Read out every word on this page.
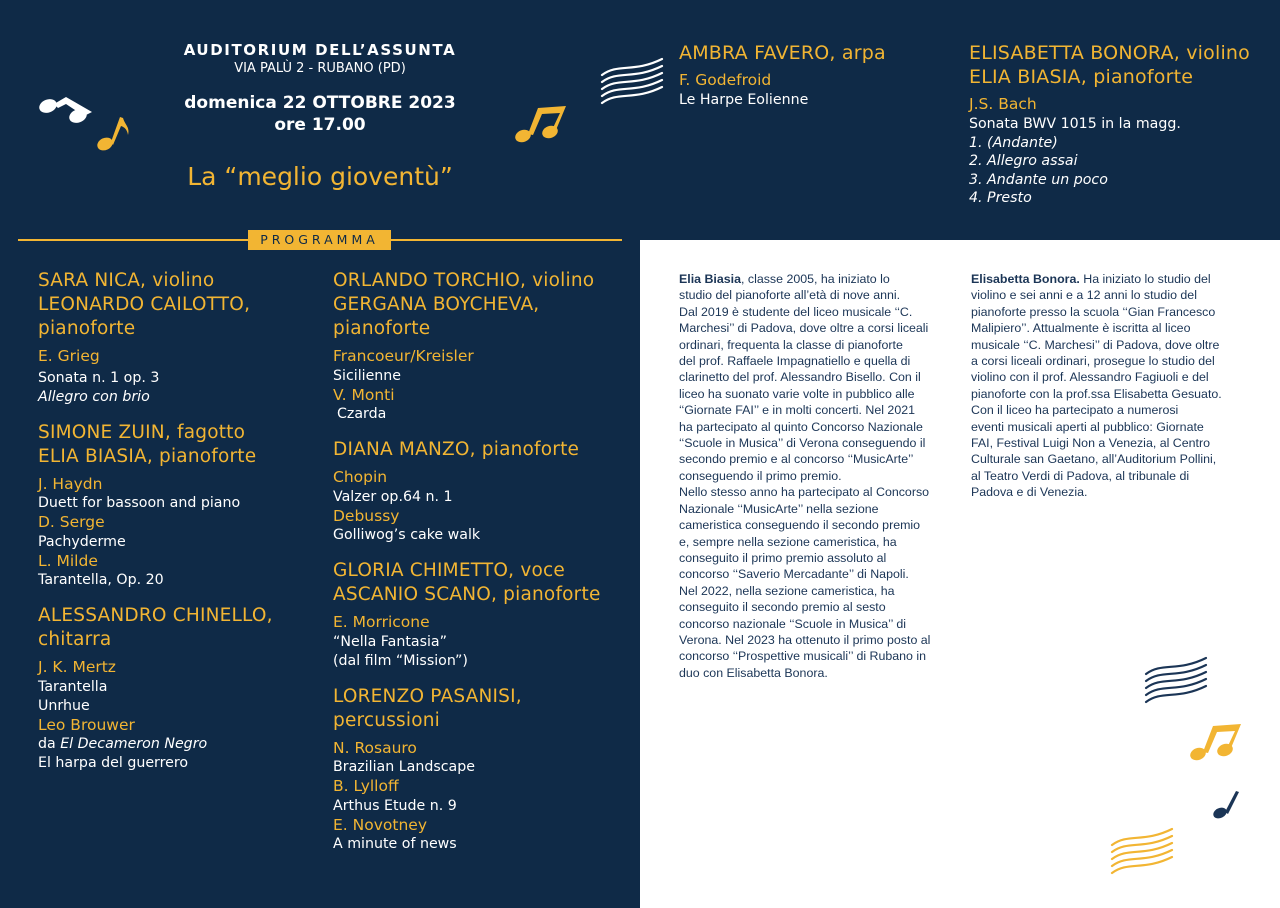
AUDITORIUM DELL’ASSUNTA
VIA PALÙ 2 - RUBANO (PD)
domenica 22 OTTOBRE 2023
ore 17.00
La “meglio gioventù”
AMBRA FAVERO, arpa
F. Godefroid
Le Harpe Eolienne
ELISABETTA BONORA, violino
ELIA BIASIA, pianoforte
J.S. Bach
Sonata BWV 1015 in la magg.
1. (Andante)
2. Allegro assai
3. Andante un poco
4. Presto
PROGRAMMA
SARA NICA, violino
LEONARDO CAILOTTO,
pianoforte
E. Grieg
Sonata n. 1 op. 3
Allegro con brio
SIMONE ZUIN, fagotto
ELIA BIASIA, pianoforte
J. Haydn
Duett for bassoon and piano
D. Serge
Pachyderme
L. Milde
Tarantella, Op. 20
ALESSANDRO CHINELLO,
chitarra
J. K. Mertz
Tarantella
Unrhue
Leo Brouwer
da El Decameron Negro
El harpa del guerrero
ORLANDO TORCHIO, violino
GERGANA BOYCHEVA,
pianoforte
Francoeur/Kreisler
Sicilienne
V. Monti
Czarda
DIANA MANZO, pianoforte
Chopin
Valzer op.64 n. 1
Debussy
Golliwog’s cake walk
GLORIA CHIMETTO, voce
ASCANIO SCANO, pianoforte
E. Morricone
“Nella Fantasia”
(dal film “Mission”)
LORENZO PASANISI,
percussioni
N. Rosauro
Brazilian Landscape
B. Lylloff
Arthus Etude n. 9
E. Novotney
A minute of news
Elia Biasia, classe 2005, ha iniziato lo
studio del pianoforte all’età di nove anni.
Dal 2019 è studente del liceo musicale ‘‘C.
Marchesi’’ di Padova, dove oltre a corsi liceali
ordinari, frequenta la classe di pianoforte
del prof. Raffaele Impagnatiello e quella di
clarinetto del prof. Alessandro Bisello. Con il
liceo ha suonato varie volte in pubblico alle
‘‘Giornate FAI’’ e in molti concerti. Nel 2021
ha partecipato al quinto Concorso Nazionale
‘‘Scuole in Musica’’ di Verona conseguendo il
secondo premio e al concorso ‘‘MusicArte’’
conseguendo il primo premio.
Nello stesso anno ha partecipato al Concorso
Nazionale ‘‘MusicArte’’ nella sezione
cameristica conseguendo il secondo premio
e, sempre nella sezione cameristica, ha
conseguito il primo premio assoluto al
concorso ‘‘Saverio Mercadante’’ di Napoli.
Nel 2022, nella sezione cameristica, ha
conseguito il secondo premio al sesto
concorso nazionale ‘‘Scuole in Musica’’ di
Verona. Nel 2023 ha ottenuto il primo posto al
concorso ‘‘Prospettive musicali’’ di Rubano in
duo con Elisabetta Bonora.
Elisabetta Bonora. Ha iniziato lo studio del
violino e sei anni e a 12 anni lo studio del
pianoforte presso la scuola ‘‘Gian Francesco
Malipiero’’. Attualmente è iscritta al liceo
musicale ‘‘C. Marchesi’’ di Padova, dove oltre
a corsi liceali ordinari, prosegue lo studio del
violino con il prof. Alessandro Fagiuoli e del
pianoforte con la prof.ssa Elisabetta Gesuato.
Con il liceo ha partecipato a numerosi
eventi musicali aperti al pubblico: Giornate
FAI, Festival Luigi Non a Venezia, al Centro
Culturale san Gaetano, all’Auditorium Pollini,
al Teatro Verdi di Padova, al tribunale di
Padova e di Venezia.
